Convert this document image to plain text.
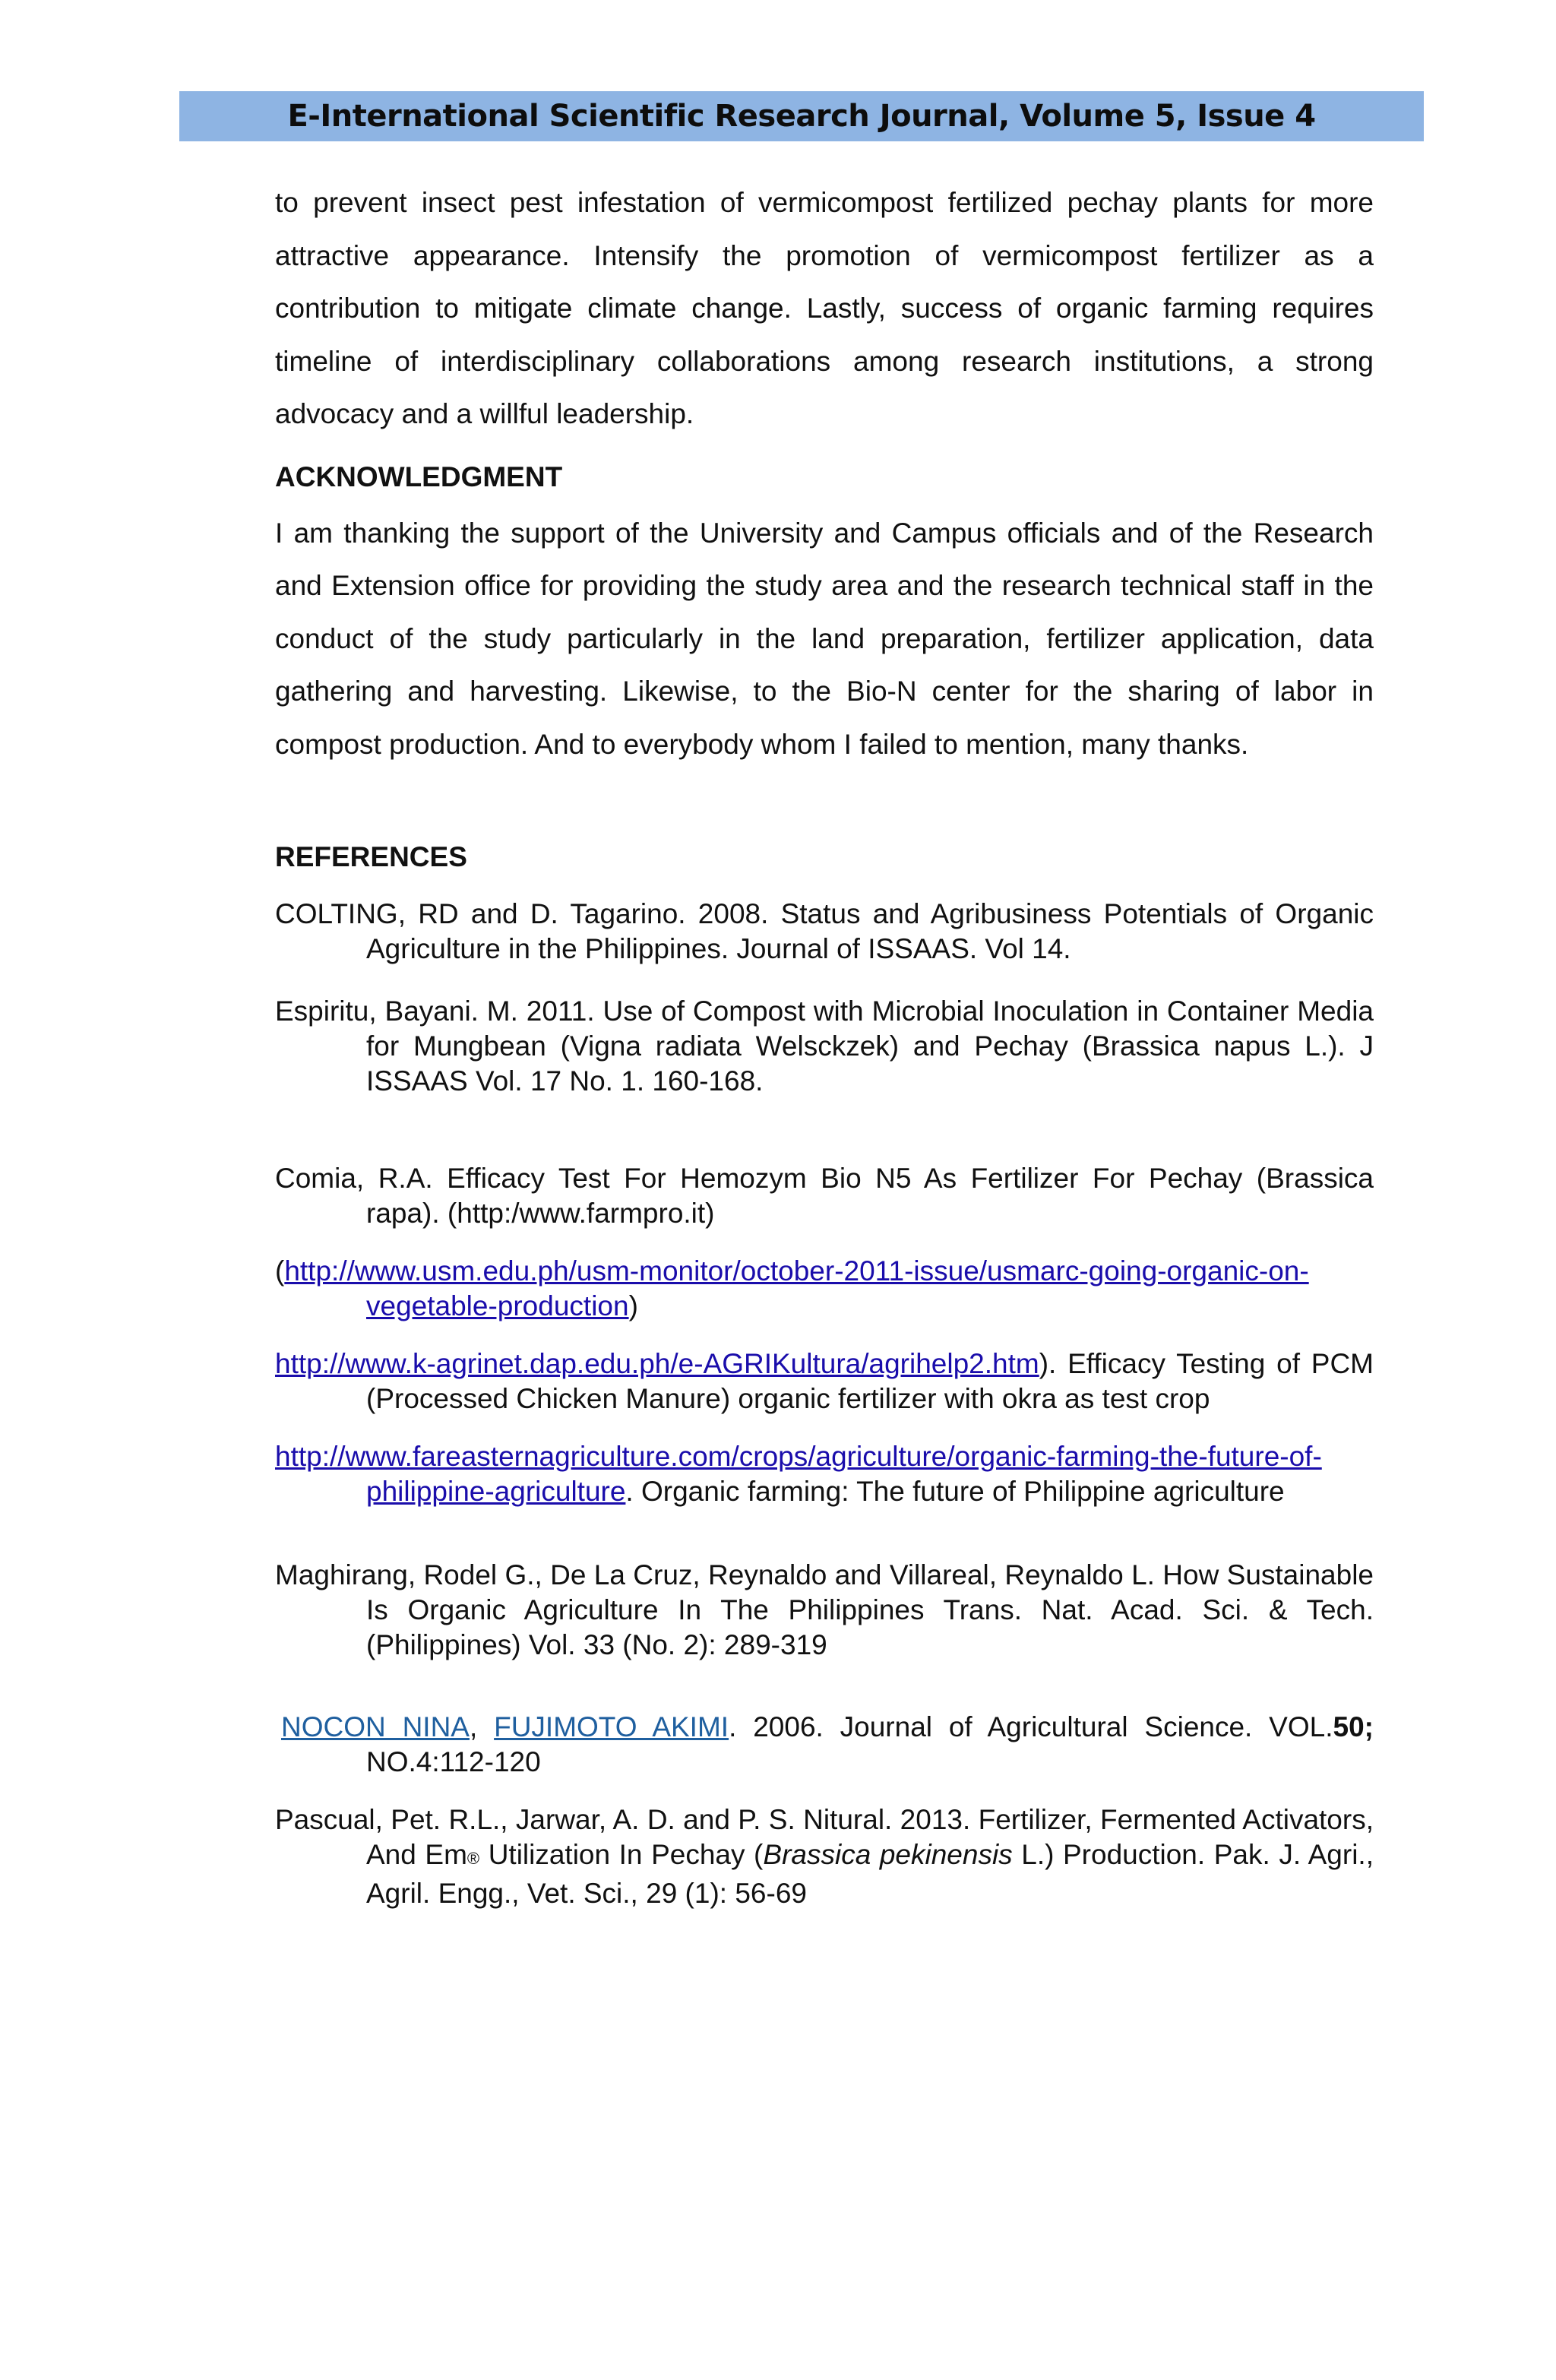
E-International Scientific Research Journal, Volume 5, Issue 4

to prevent insect pest infestation of vermicompost fertilized pechay plants for more attractive appearance. Intensify the promotion of vermicompost fertilizer as a contribution to mitigate climate change. Lastly, success of organic farming requires timeline of interdisciplinary collaborations among research institutions, a strong advocacy and a willful leadership.

ACKNOWLEDGMENT

I am thanking the support of the University and Campus officials and of the Research and Extension office for providing the study area and the research technical staff in the conduct of the study particularly in the land preparation, fertilizer application, data gathering and harvesting. Likewise, to the Bio-N center for the sharing of labor in compost production. And to everybody whom I failed to mention, many thanks.

REFERENCES

COLTING, RD and D. Tagarino. 2008. Status and Agribusiness Potentials of Organic Agriculture in the Philippines. Journal of ISSAAS. Vol 14.

Espiritu, Bayani. M. 2011. Use of Compost with Microbial Inoculation in Container Media for Mungbean (Vigna radiata Welsckzek) and Pechay (Brassica napus L.). J ISSAAS Vol. 17 No. 1. 160-168.

Comia, R.A. Efficacy Test For Hemozym Bio N5 As Fertilizer For Pechay (Brassica rapa). (http:/www.farmpro.it)

(http://www.usm.edu.ph/usm-monitor/october-2011-issue/usmarc-going-organic-on-vegetable-production)

http://www.k-agrinet.dap.edu.ph/e-AGRIKultura/agrihelp2.htm). Efficacy Testing of PCM (Processed Chicken Manure) organic fertilizer with okra as test crop

http://www.fareasternagriculture.com/crops/agriculture/organic-farming-the-future-of-philippine-agriculture. Organic farming: The future of Philippine agriculture

Maghirang, Rodel G., De La Cruz, Reynaldo and Villareal, Reynaldo L. How Sustainable Is Organic Agriculture In The Philippines Trans. Nat. Acad. Sci. & Tech. (Philippines) Vol. 33 (No. 2): 289-319

NOCON NINA, FUJIMOTO AKIMI. 2006. Journal of Agricultural Science. VOL.50; NO.4:112-120

Pascual, Pet. R.L., Jarwar, A. D. and P. S. Nitural. 2013. Fertilizer, Fermented Activators, And Em® Utilization In Pechay (Brassica pekinensis L.) Production. Pak. J. Agri., Agril. Engg., Vet. Sci., 29 (1): 56-69
